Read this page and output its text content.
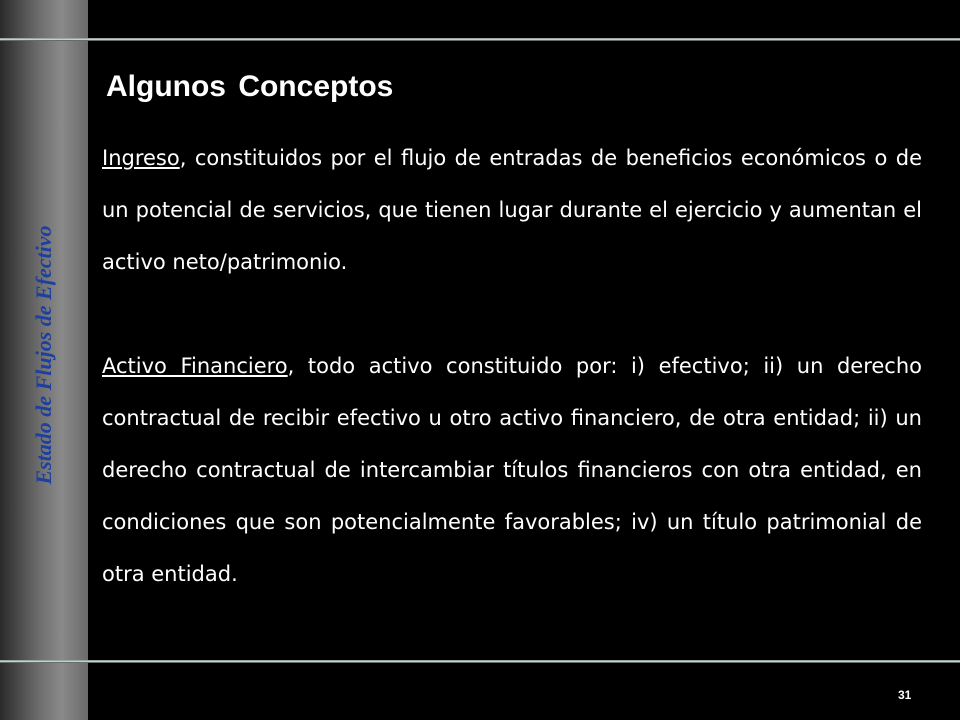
Estado de Flujos de Efectivo
Algunos Conceptos

Ingreso, constituidos por el flujo de entradas de beneficios económicos o de un potencial de servicios, que tienen lugar durante el ejercicio y aumentan el activo neto/patrimonio.

Activo Financiero, todo activo constituido por: i) efectivo; ii) un derecho contractual de recibir efectivo u otro activo financiero, de otra entidad; ii) un derecho contractual de intercambiar títulos financieros con otra entidad, en condiciones que son potencialmente favorables; iv) un título patrimonial de otra entidad.

31
